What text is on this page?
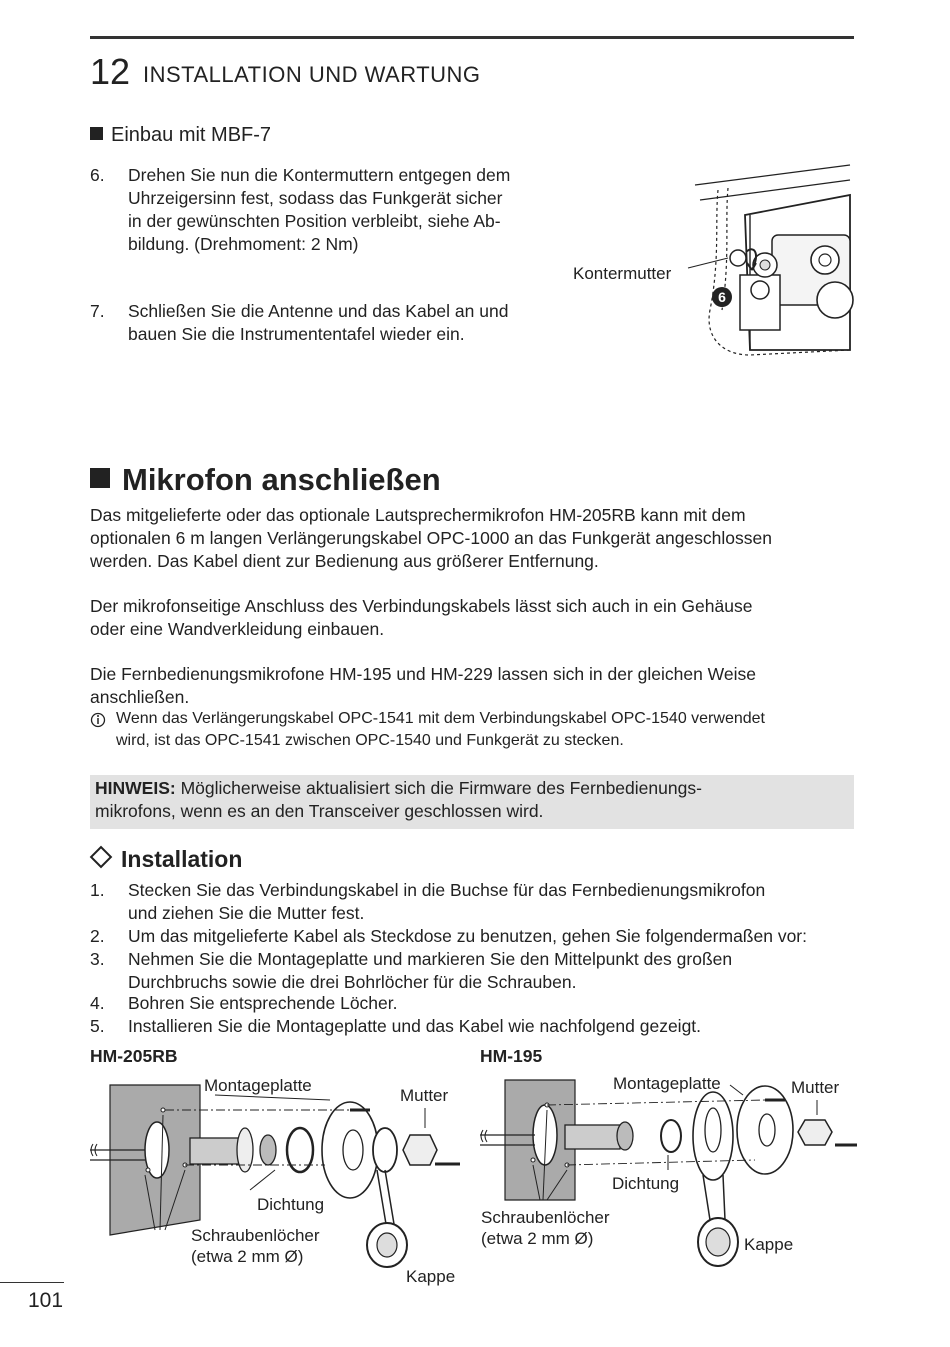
12 INSTALLATION UND WARTUNG
Einbau mit MBF-7
6. Drehen Sie nun die Kontermuttern entgegen dem
Uhrzeigersinn fest, sodass das Funkgerät sicher
in der gewünschten Position verbleibt, siehe Ab-
bildung. (Drehmoment: 2 Nm)
7. Schließen Sie die Antenne und das Kabel an und
bauen Sie die Instrumententafel wieder ein.
Kontermutter
6
Mikrofon anschließen
Das mitgelieferte oder das optionale Lautsprechermikrofon HM-205RB kann mit dem
optionalen 6 m langen Verlängerungskabel OPC-1000 an das Funkgerät angeschlossen
werden. Das Kabel dient zur Bedienung aus größerer Entfernung.
Der mikrofonseitige Anschluss des Verbindungskabels lässt sich auch in ein Gehäuse
oder eine Wandverkleidung einbauen.
Die Fernbedienungsmikrofone HM-195 und HM-229 lassen sich in der gleichen Weise
anschließen.
Wenn das Verlängerungskabel OPC-1541 mit dem Verbindungskabel OPC-1540 verwendet
wird, ist das OPC-1541 zwischen OPC-1540 und Funkgerät zu stecken.
HINWEIS: Möglicherweise aktualisiert sich die Firmware des Fernbedienungs-
mikrofons, wenn es an den Transceiver geschlossen wird.
Installation
1. Stecken Sie das Verbindungskabel in die Buchse für das Fernbedienungsmikrofon
und ziehen Sie die Mutter fest.
2. Um das mitgelieferte Kabel als Steckdose zu benutzen, gehen Sie folgendermaßen vor:
3. Nehmen Sie die Montageplatte und markieren Sie den Mittelpunkt des großen
Durchbruchs sowie die drei Bohrlöcher für die Schrauben.
4. Bohren Sie entsprechende Löcher.
5. Installieren Sie die Montageplatte und das Kabel wie nachfolgend gezeigt.
HM-205RB
Montageplatte
Mutter
Dichtung
Schraubenlöcher
(etwa 2 mm Ø)
Kappe
HM-195
Montageplatte	Mutter
Dichtung
Schraubenlöcher
(etwa 2 mm Ø)	Kappe
101
